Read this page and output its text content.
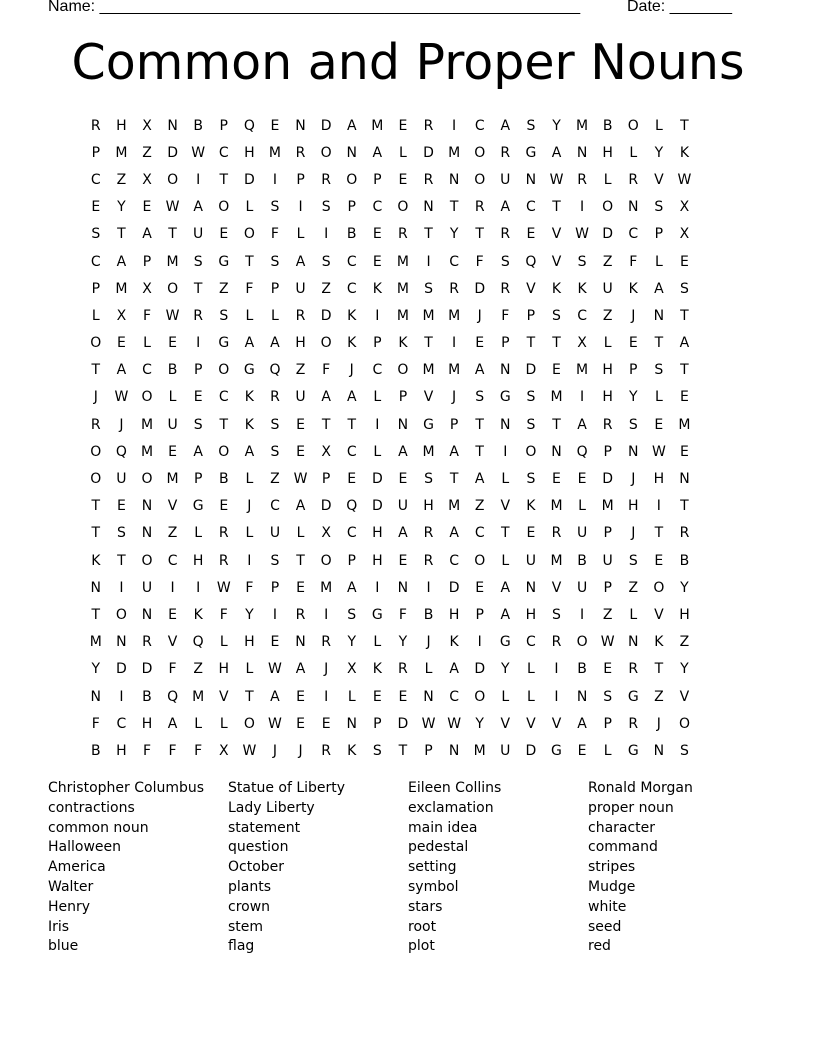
Name: ______________________________________________________	Date: _______
Common and Proper Nouns
R	H	X	N	B	P	Q	E	N	D	A	M	E	R	I	C	A	S	Y	M	B	O	L	T
P	M	Z	D W C	H	M	R	O	N	A	L	D	M	O	R	G	A	N	H	L	Y	K
C	Z	X	O	I	T	D	I	P	R	O	P	E	R	N	O	U	N W R	L	R	V W
E	Y	E	W A	O	L	S	I	S	P	C	O	N	T	R	A	C	T	I	O	N	S	X
S	T	A	T	U	E	O	F	L	I	B	E	R	T	Y	T	R	E	V W D	C	P	X
C	A	P	M	S	G	T	S	A	S	C	E	M	I	C	F	S	Q	V	S	Z	F	L	E
P	M	X	O	T	Z	F	P	U	Z	C	K	M	S	R	D	R	V	K	K	U	K	A	S
L	X	F	W R	S	L	L	R	D	K	I	M M M	J	F	P	S	C	Z	J	N	T
O	E	L	E	I	G	A	A	H	O	K	P	K	T	I	E	P	T	T	X	L	E	T	A
T	A	C	B	P	O	G	Q	Z	F	J	C	O	M M	A	N	D	E	M	H	P	S	T
J	W O	L	E	C	K	R	U	A	A	L	P	V	J	S	G	S	M	I	H	Y	L	E
R	J	M	U	S	T	K	S	E	T	T	I	N	G	P	T	N	S	T	A	R	S	E	M
O	Q	M	E	A	O	A	S	E	X	C	L	A	M	A	T	I	O	N	Q	P	N W	E
O	U	O	M	P	B	L	Z W	P	E	D	E	S	T	A	L	S	E	E	D	J	H	N
T	E	N	V	G	E	J	C	A	D	Q	D	U	H	M	Z	V	K	M	L	M	H	I	T
T	S	N	Z	L	R	L	U	L	X	C	H	A	R	A	C	T	E	R	U	P	J	T	R
K	T	O	C	H	R	I	S	T	O	P	H	E	R	C	O	L	U	M	B	U	S	E	B
N	I	U	I	I	W	F	P	E	M	A	I	N	I	D	E	A	N	V	U	P	Z	O	Y
T	O	N	E	K	F	Y	I	R	I	S	G	F	B	H	P	A	H	S	I	Z	L	V	H
M	N	R	V	Q	L	H	E	N	R	Y	L	Y	J	K	I	G	C	R	O W N	K	Z
Y	D	D	F	Z	H	L	W A	J	X	K	R	L	A	D	Y	L	I	B	E	R	T	Y
N	I	B	Q	M	V	T	A	E	I	L	E	E	N	C	O	L	L	I	N	S	G	Z	V
F	C	H	A	L	L	O W	E	E	N	P	D W W	Y	V	V	V	A	P	R	J	O
B	H	F	F	F	X W	J	J	R	K	S	T	P	N	M	U	D	G	E	L	G	N	S
Christopher Columbus
contractions
common noun
Halloween
America
Walter
Henry
Iris
blue
Statue of Liberty
Lady Liberty
statement
question
October
plants
crown
stem
flag
Eileen Collins
exclamation
main idea
pedestal
setting
symbol
stars
root
plot
Ronald Morgan
proper noun
character
command
stripes
Mudge
white
seed
red
